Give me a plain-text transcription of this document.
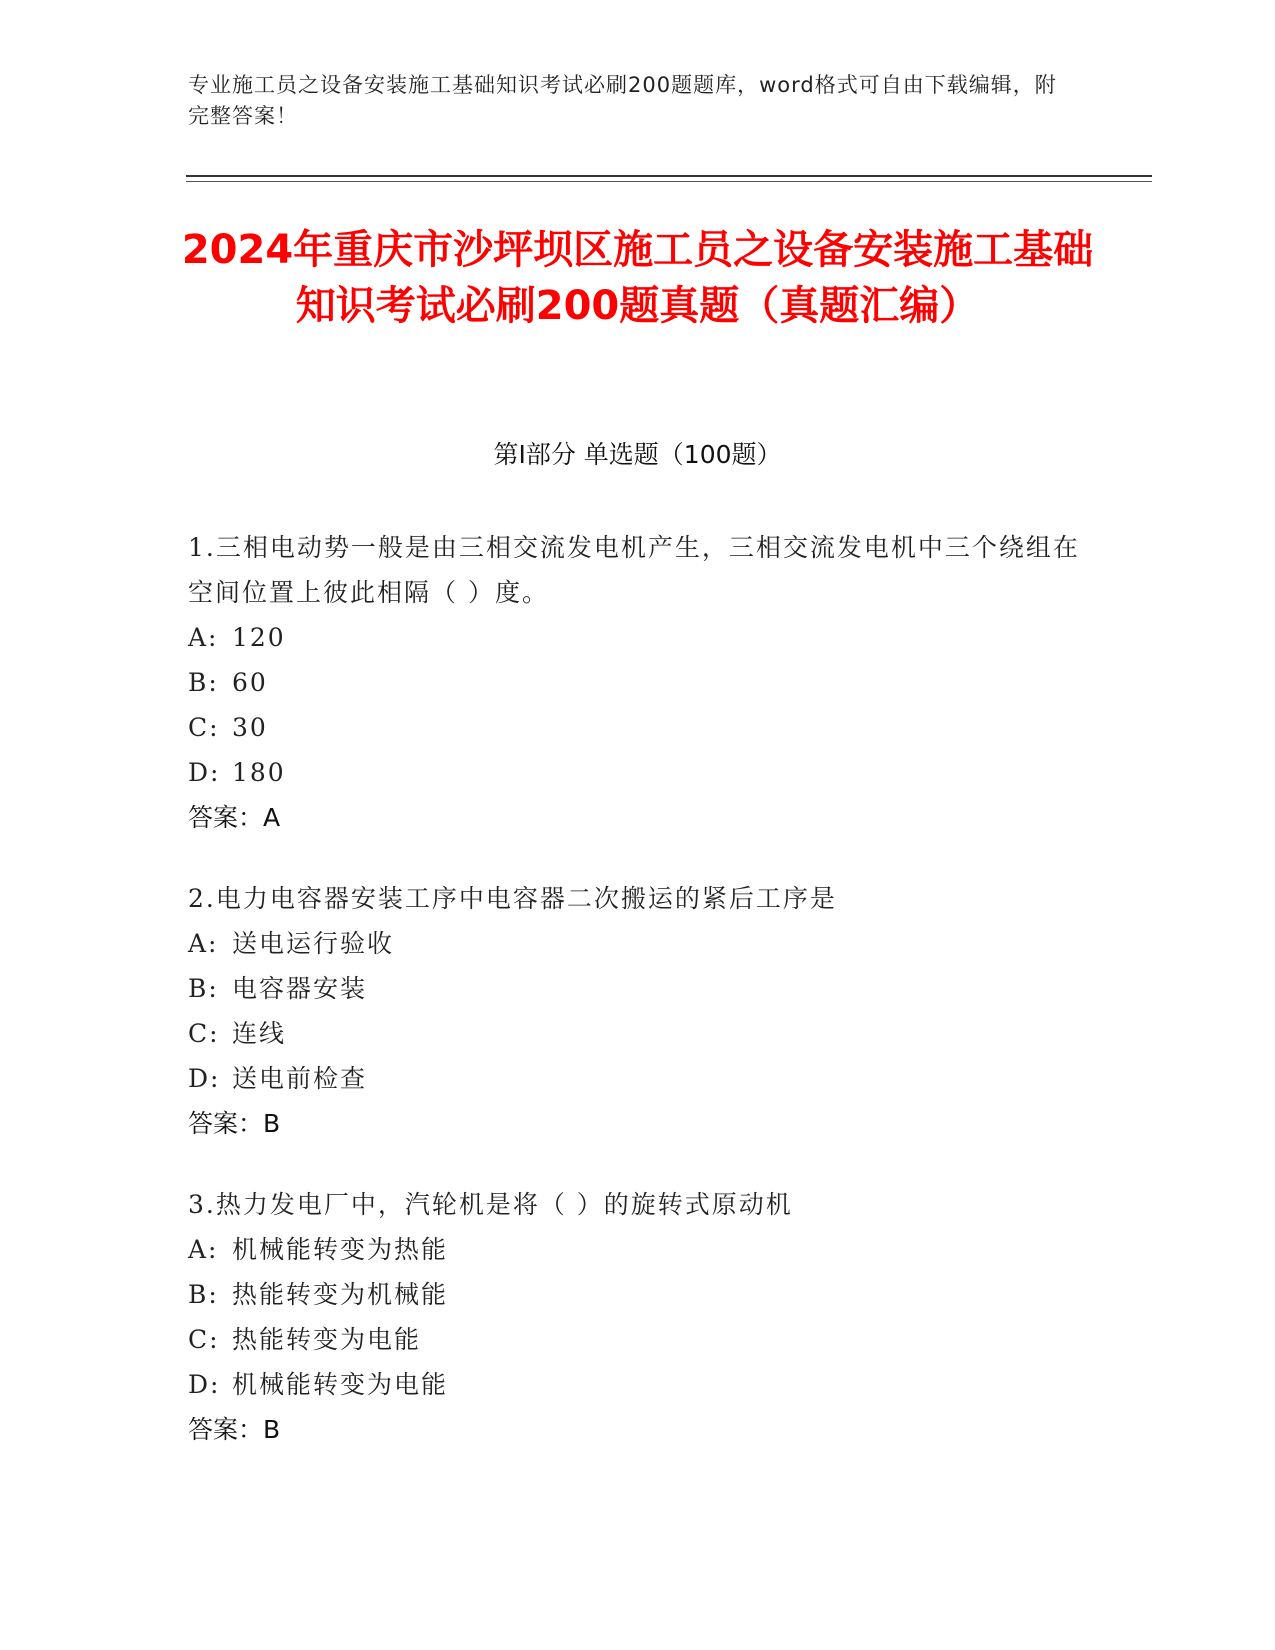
专业施工员之设备安装施工基础知识考试必刷200题题库，word格式可自由下载编辑，附完整答案！
2024年重庆市沙坪坝区施工员之设备安装施工基础知识考试必刷200题真题（真题汇编）
第I部分 单选题（100题）
1.三相电动势一般是由三相交流发电机产生，三相交流发电机中三个绕组在空间位置上彼此相隔（ ）度。
A: 120
B: 60
C: 30
D: 180
答案：A
2.电力电容器安装工序中电容器二次搬运的紧后工序是
A: 送电运行验收
B: 电容器安装
C: 连线
D: 送电前检查
答案：B
3.热力发电厂中，汽轮机是将（ ）的旋转式原动机
A: 机械能转变为热能
B: 热能转变为机械能
C: 热能转变为电能
D: 机械能转变为电能
答案：B
